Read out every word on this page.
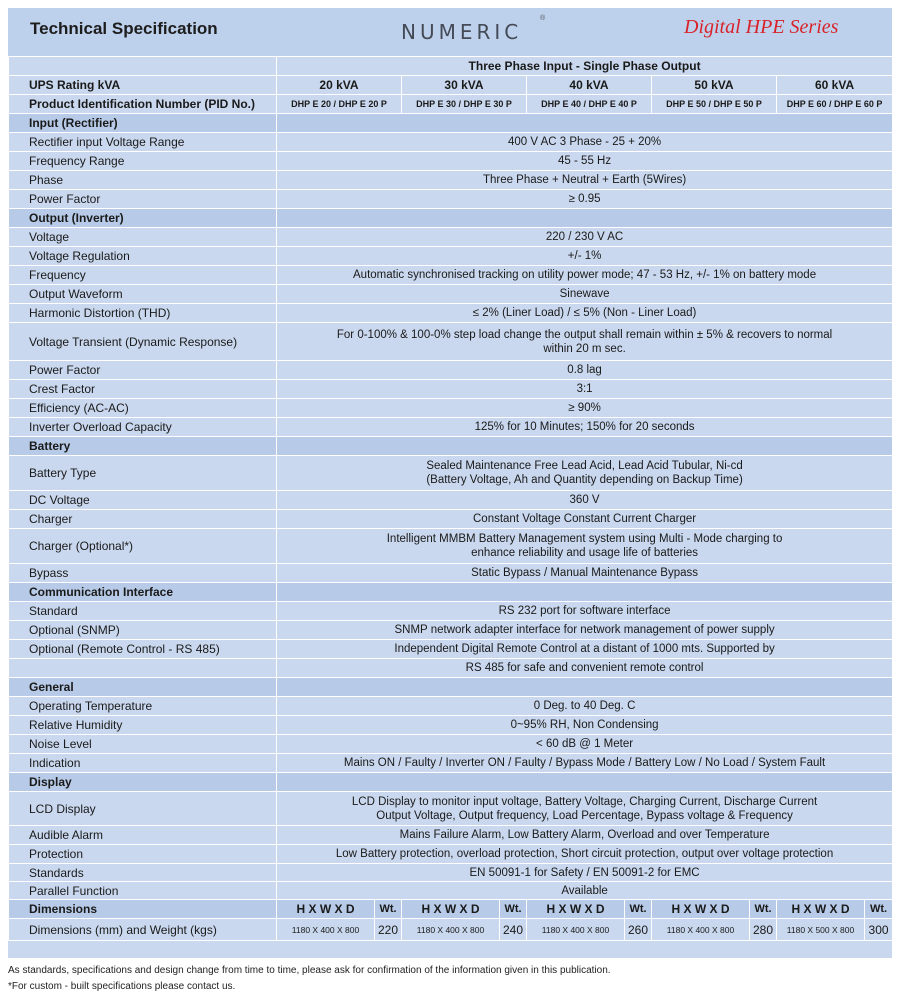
Technical Specification	NUMERIC
®	Digital HPE Series
	Three Phase Input - Single Phase Output									
UPS Rating kVA	20 kVA		30 kVA		40 kVA		50 kVA		60 kVA	
Product Identification Number (PID No.)	DHP E 20 / DHP E 20 P		DHP E 30 / DHP E 30 P		DHP E 40 / DHP E 40 P		DHP E 50 / DHP E 50 P		DHP E 60 / DHP E 60 P	
Input (Rectifier)										
Rectifier input Voltage Range	400 V AC 3 Phase - 25 + 20%									
Frequency Range	45 - 55 Hz									
Phase	Three Phase + Neutral + Earth (5Wires)									
Power Factor	≥ 0.95									
Output (Inverter)										
Voltage	220 / 230 V AC									
Voltage Regulation	+/- 1%									
Frequency	Automatic synchronised tracking on utility power mode; 47 - 53 Hz, +/- 1% on battery mode									
Output Waveform	Sinewave									
Harmonic Distortion (THD)	≤ 2% (Liner Load) / ≤ 5% (Non - Liner Load)									
Voltage Transient (Dynamic Response)	For 0-100% & 100-0% step load change the output shall remain within ± 5% & recovers to normal
within 20 m sec.									
Power Factor	0.8 lag									
Crest Factor	3:1									
Efficiency (AC-AC)	≥ 90%									
Inverter Overload Capacity	125% for 10 Minutes; 150% for 20 seconds									
Battery										
Battery Type	Sealed Maintenance Free Lead Acid, Lead Acid Tubular, Ni-cd
(Battery Voltage, Ah and Quantity depending on Backup Time)									
DC Voltage	360 V									
Charger	Constant Voltage Constant Current Charger									
Charger (Optional*)	Intelligent MMBM Battery Management system using Multi - Mode charging to
enhance reliability and usage life of batteries									
Bypass	Static Bypass / Manual Maintenance Bypass									
Communication Interface										
Standard	RS 232 port for software interface									
Optional (SNMP)	SNMP network adapter interface for network management of power supply									
Optional (Remote Control - RS 485)	Independent Digital Remote Control at a distant of 1000 mts. Supported by									
	RS 485 for safe and convenient remote control									
General										
Operating Temperature	0 Deg. to 40 Deg. C									
Relative Humidity	0~95% RH, Non Condensing									
Noise Level	< 60 dB @ 1 Meter									
Indication	Mains ON / Faulty / Inverter ON / Faulty / Bypass Mode / Battery Low / No Load / System Fault									
Display										
LCD Display	LCD Display to monitor input voltage, Battery Voltage, Charging Current, Discharge Current
Output Voltage, Output frequency, Load Percentage, Bypass voltage & Frequency									
Audible Alarm	Mains Failure Alarm, Low Battery Alarm, Overload and over Temperature									
Protection	Low Battery protection, overload protection, Short circuit protection, output over voltage protection									
Standards	EN 50091-1 for Safety / EN 50091-2 for EMC									
Parallel Function	Available									
Dimensions	H X W X D	Wt.	H X W X D	Wt.	H X W X D	Wt.	H X W X D	Wt.	H X W X D	Wt.
Dimensions (mm) and Weight (kgs)	1180 X 400 X 800	220	1180 X 400 X 800	240	1180 X 400 X 800	260	1180 X 400 X 800	280	1180 X 500 X 800	300
As standards, specifications and design change from time to time, please ask for confirmation of the information given in this publication.
*For custom - built specifications please contact us.
